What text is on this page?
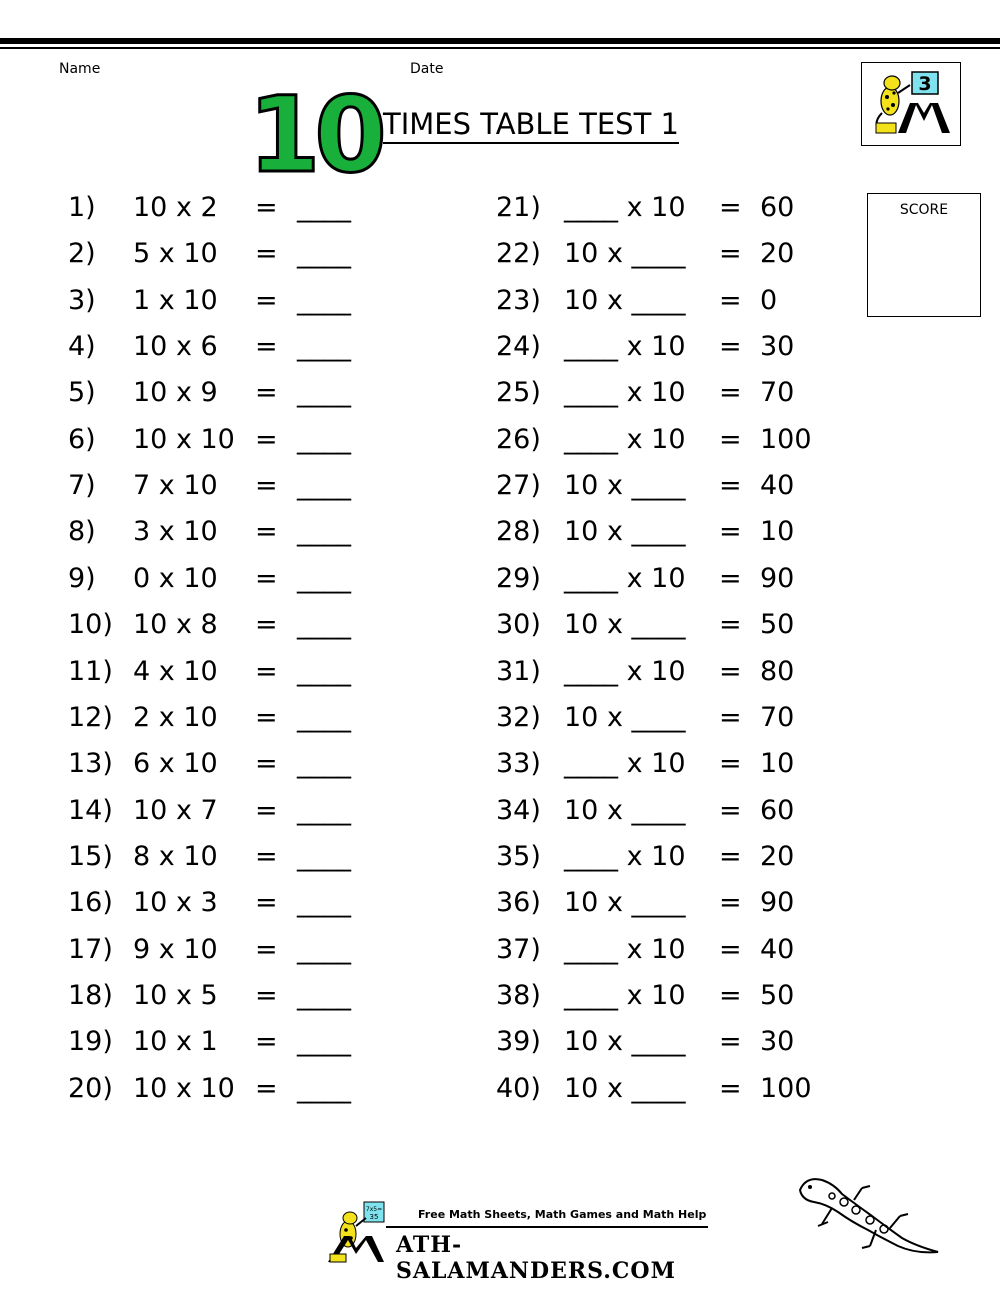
Name	Date
10 TIMES TABLE TEST 1
3
SCORE
1) 10 x 2 = ____
2) 5 x 10 = ____
3) 1 x 10 = ____
4) 10 x 6 = ____
5) 10 x 9 = ____
6) 10 x 10 = ____
7) 7 x 10 = ____
8) 3 x 10 = ____
9) 0 x 10 = ____
10) 10 x 8 = ____
11) 4 x 10 = ____
12) 2 x 10 = ____
13) 6 x 10 = ____
14) 10 x 7 = ____
15) 8 x 10 = ____
16) 10 x 3 = ____
17) 9 x 10 = ____
18) 10 x 5 = ____
19) 10 x 1 = ____
20) 10 x 10 = ____
21) ____ x 10 = 60
22) 10 x ____ = 20
23) 10 x ____ = 0
24) ____ x 10 = 30
25) ____ x 10 = 70
26) ____ x 10 = 100
27) 10 x ____ = 40
28) 10 x ____ = 10
29) ____ x 10 = 90
30) 10 x ____ = 50
31) ____ x 10 = 80
32) 10 x ____ = 70
33) ____ x 10 = 10
34) 10 x ____ = 60
35) ____ x 10 = 20
36) 10 x ____ = 90
37) ____ x 10 = 40
38) ____ x 10 = 50
39) 10 x ____ = 30
40) 10 x ____ = 100
7x5=
35	Free Math Sheets, Math Games and Math Help
ATH-SALAMANDERS.COM
